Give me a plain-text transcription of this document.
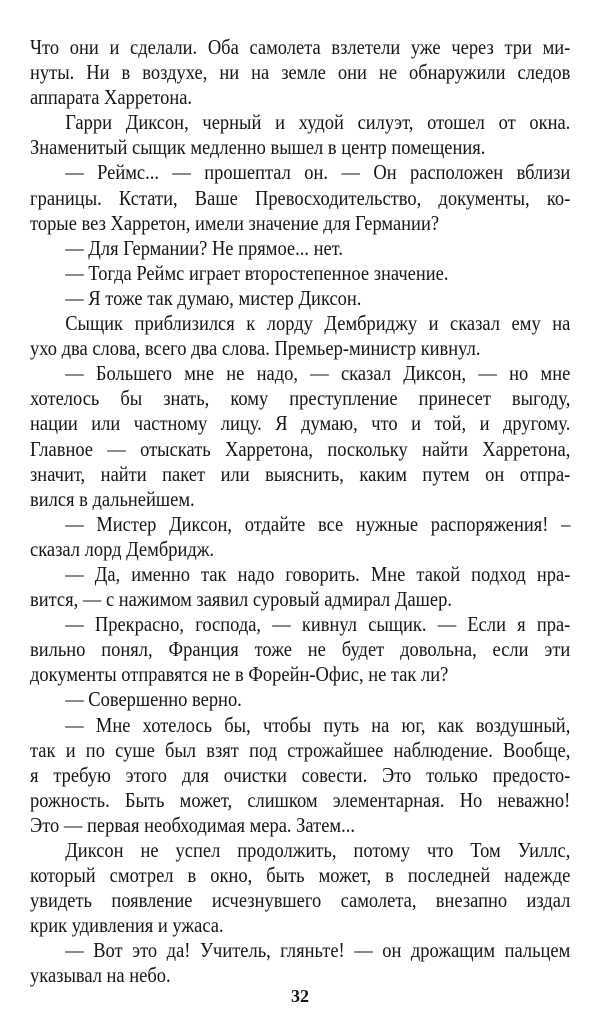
Что они и сделали. Оба самолета взлетели уже через три ми-
нуты. Ни в воздухе, ни на земле они не обнаружили следов
аппарата Харретона.
Гарри Диксон, черный и худой силуэт, отошел от окна.
Знаменитый сыщик медленно вышел в центр помещения.
— Реймс... — прошептал он. — Он расположен вблизи
границы. Кстати, Ваше Превосходительство, документы, ко-
торые вез Харретон, имели значение для Германии?
— Для Германии? Не прямое... нет.
— Тогда Реймс играет второстепенное значение.
— Я тоже так думаю, мистер Диксон.
Сыщик приблизился к лорду Дембриджу и сказал ему на
ухо два слова, всего два слова. Премьер-министр кивнул.
— Большего мне не надо, — сказал Диксон, — но мне
хотелось бы знать, кому преступление принесет выгоду,
нации или частному лицу. Я думаю, что и той, и другому.
Главное — отыскать Харретона, поскольку найти Харретона,
значит, найти пакет или выяснить, каким путем он отпра-
вился в дальнейшем.
— Мистер Диксон, отдайте все нужные распоряжения! –
сказал лорд Дембридж.
— Да, именно так надо говорить. Мне такой подход нра-
вится, — с нажимом заявил суровый адмирал Дашер.
— Прекрасно, господа, — кивнул сыщик. — Если я пра-
вильно понял, Франция тоже не будет довольна, если эти
документы отправятся не в Форейн-Офис, не так ли?
— Совершенно верно.
— Мне хотелось бы, чтобы путь на юг, как воздушный,
так и по суше был взят под строжайшее наблюдение. Вообще,
я требую этого для очистки совести. Это только предосто-
рожность. Быть может, слишком элементарная. Но неважно!
Это — первая необходимая мера. Затем...
Диксон не успел продолжить, потому что Том Уиллс,
который смотрел в окно, быть может, в последней надежде
увидеть появление исчезнувшего самолета, внезапно издал
крик удивления и ужаса.
— Вот это да! Учитель, гляньте! — он дрожащим пальцем
указывал на небо.
32
